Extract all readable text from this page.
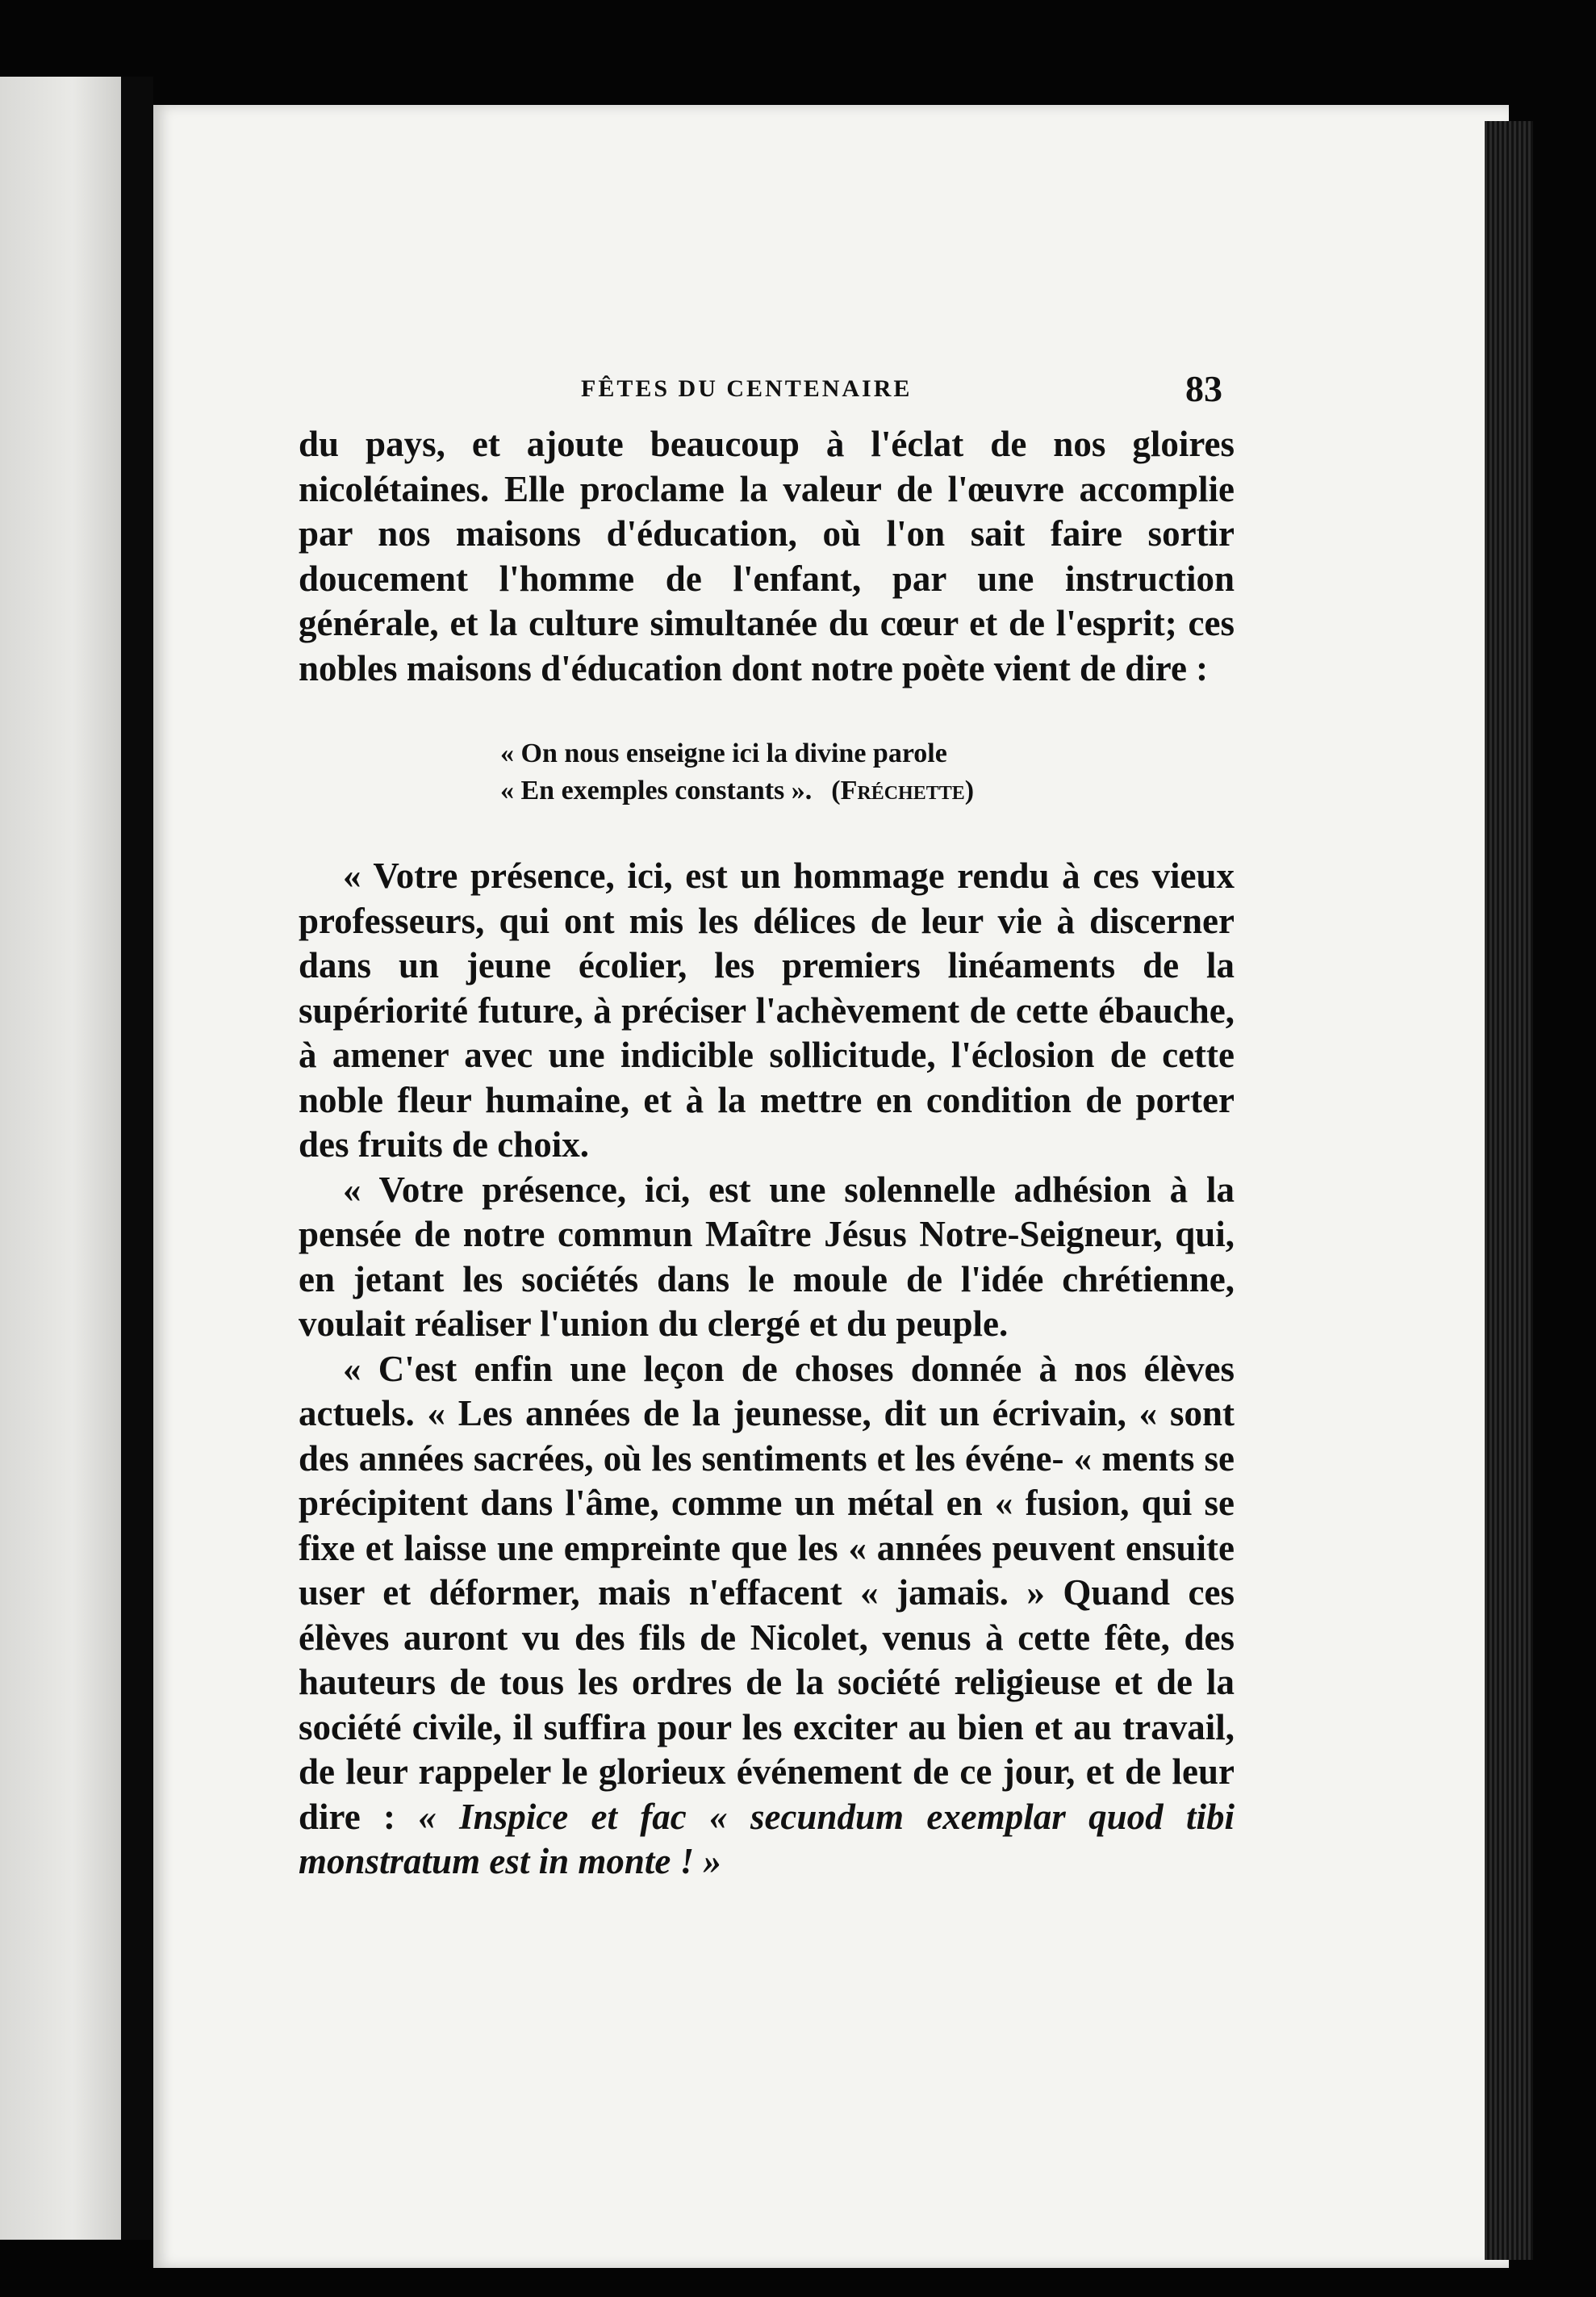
FÊTES DU CENTENAIRE	83

du pays, et ajoute beaucoup à l'éclat de nos gloires nicolétaines. Elle proclame la valeur de l'œuvre accomplie par nos maisons d'éducation, où l'on sait faire sortir doucement l'homme de l'enfant, par une instruction générale, et la culture simultanée du cœur et de l'esprit; ces nobles maisons d'éducation dont notre poète vient de dire :

« On nous enseigne ici la divine parole
« En exemples constants ». (Fréchette)

« Votre présence, ici, est un hommage rendu à ces vieux professeurs, qui ont mis les délices de leur vie à discerner dans un jeune écolier, les premiers linéaments de la supériorité future, à préciser l'achèvement de cette ébauche, à amener avec une indicible sollicitude, l'éclosion de cette noble fleur humaine, et à la mettre en condition de porter des fruits de choix.

« Votre présence, ici, est une solennelle adhésion à la pensée de notre commun Maître Jésus Notre-Seigneur, qui, en jetant les sociétés dans le moule de l'idée chrétienne, voulait réaliser l'union du clergé et du peuple.

« C'est enfin une leçon de choses donnée à nos élèves actuels. « Les années de la jeunesse, dit un écrivain, « sont des années sacrées, où les sentiments et les événe- « ments se précipitent dans l'âme, comme un métal en « fusion, qui se fixe et laisse une empreinte que les « années peuvent ensuite user et déformer, mais n'effacent « jamais. » Quand ces élèves auront vu des fils de Nicolet, venus à cette fête, des hauteurs de tous les ordres de la société religieuse et de la société civile, il suffira pour les exciter au bien et au travail, de leur rappeler le glorieux événement de ce jour, et de leur dire : « Inspice et fac « secundum exemplar quod tibi monstratum est in monte ! »
